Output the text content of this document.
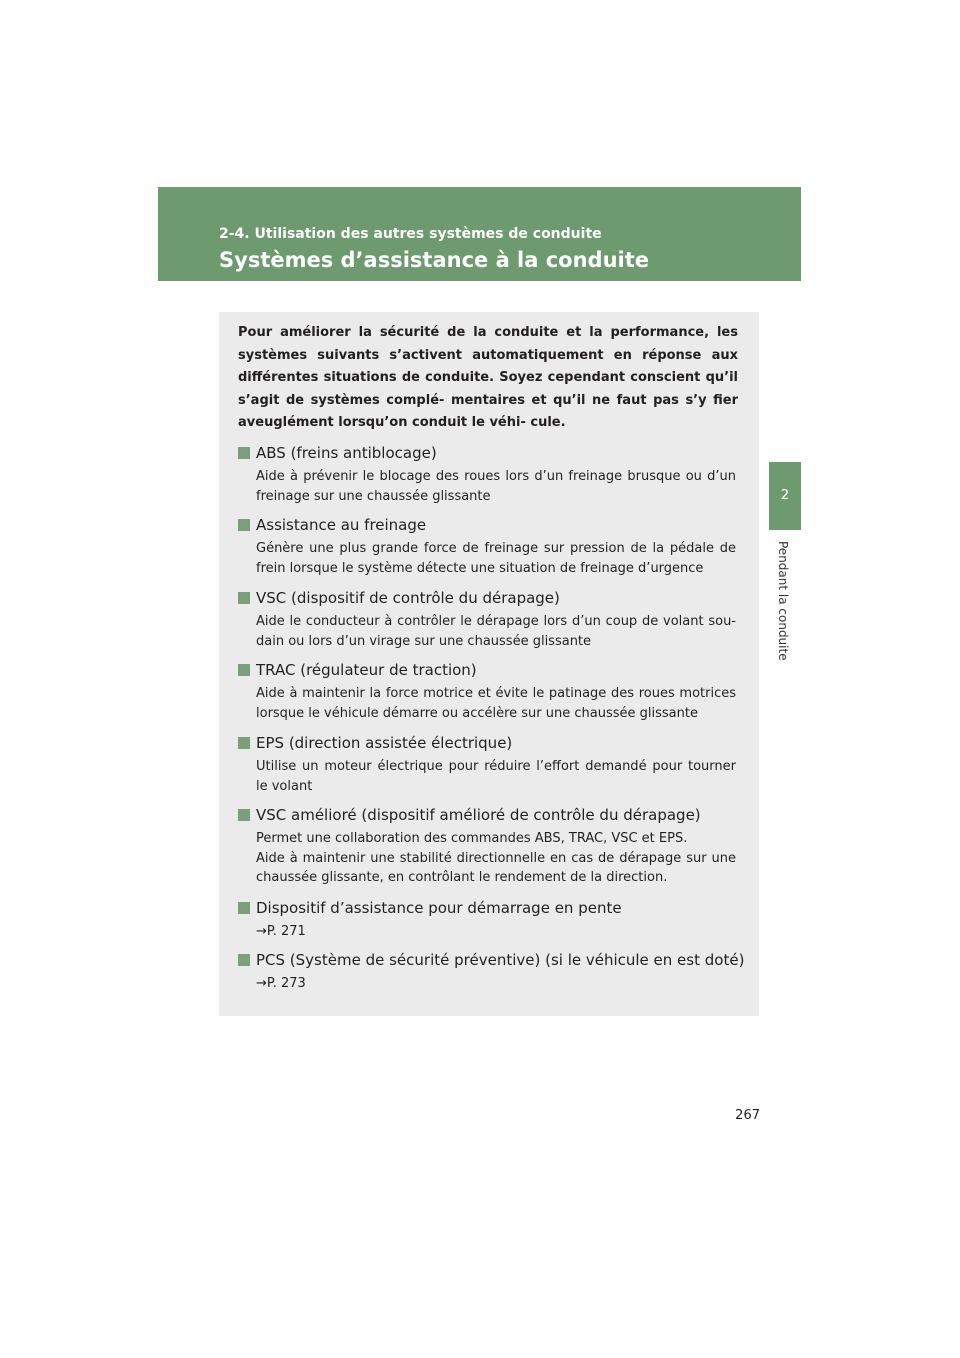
2-4. Utilisation des autres systèmes de conduite
Systèmes d’assistance à la conduite
2
Pendant la conduite

Pour améliorer la sécurité de la conduite et la performance, les systèmes suivants s’activent automatiquement en réponse aux différentes situations de conduite. Soyez cependant conscient qu’il s’agit de systèmes complé- mentaires et qu’il ne faut pas s’y fier aveuglément lorsqu’on conduit le véhi- cule.

ABS (freins antiblocage)
Aide à prévenir le blocage des roues lors d’un freinage brusque ou d’un freinage sur une chaussée glissante
Assistance au freinage
Génère une plus grande force de freinage sur pression de la pédale de frein lorsque le système détecte une situation de freinage d’urgence
VSC (dispositif de contrôle du dérapage)
Aide le conducteur à contrôler le dérapage lors d’un coup de volant sou- dain ou lors d’un virage sur une chaussée glissante
TRAC (régulateur de traction)
Aide à maintenir la force motrice et évite le patinage des roues motrices lorsque le véhicule démarre ou accélère sur une chaussée glissante
EPS (direction assistée électrique)
Utilise un moteur électrique pour réduire l’effort demandé pour tourner le volant
VSC amélioré (dispositif amélioré de contrôle du dérapage)
Permet une collaboration des commandes ABS, TRAC, VSC et EPS.
Aide à maintenir une stabilité directionnelle en cas de dérapage sur une chaussée glissante, en contrôlant le rendement de la direction.
Dispositif d’assistance pour démarrage en pente
→P. 271
PCS (Système de sécurité préventive) (si le véhicule en est doté)
→P. 273
267
